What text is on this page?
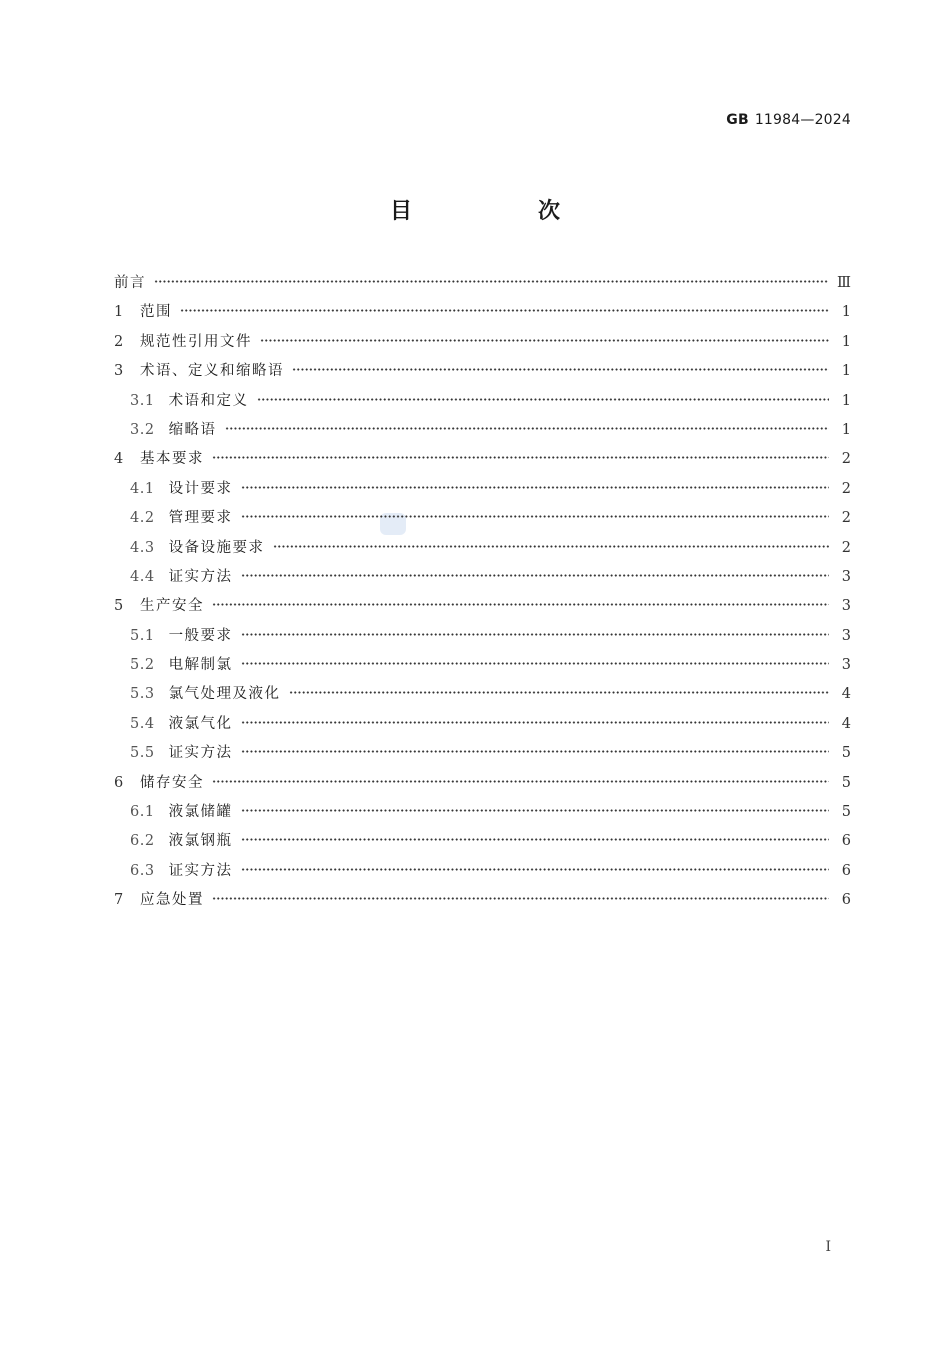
GB 11984—2024
目　次
前言	Ⅲ
1 范围	1
2 规范性引用文件	1
3 术语、定义和缩略语	1
3.1 术语和定义	1
3.2 缩略语	1
4 基本要求	2
4.1 设计要求	2
4.2 管理要求	2
4.3 设备设施要求	2
4.4 证实方法	3
5 生产安全	3
5.1 一般要求	3
5.2 电解制氯	3
5.3 氯气处理及液化	4
5.4 液氯气化	4
5.5 证实方法	5
6 储存安全	5
6.1 液氯储罐	5
6.2 液氯钢瓶	6
6.3 证实方法	6
7 应急处置	6
I
